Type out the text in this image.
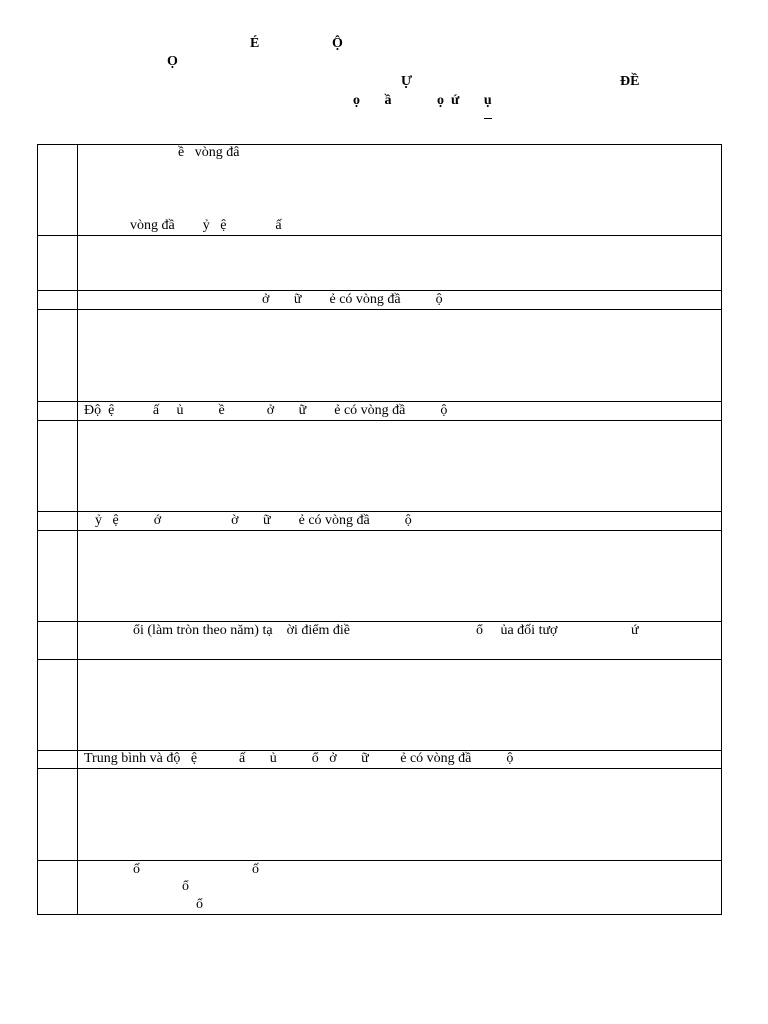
É	Ộ
Ọ
Ự	ĐỀ
ọ       ầ             ọ  ứ       ụ
ề   vòng đâ
vòng đầ        ỷ   ệ              ấ
ở       ữ        ẻ có vòng đầ          ộ
Độ  ệ           ấ     ủ          ề            ở       ữ        ẻ có vòng đầ          ộ
ỷ   ệ          ớ                    ờ       ữ        ẻ có vòng đầ          ộ
ổi (làm tròn theo năm) tạ    ời điểm điề                                    ổ     ủa đối tượ                     ứ
Trung bình và độ   ệ            ấ       ủ          ổ   ở       ữ         ẻ có vòng đầ          ộ
ố                                ố
ổ
ổ
